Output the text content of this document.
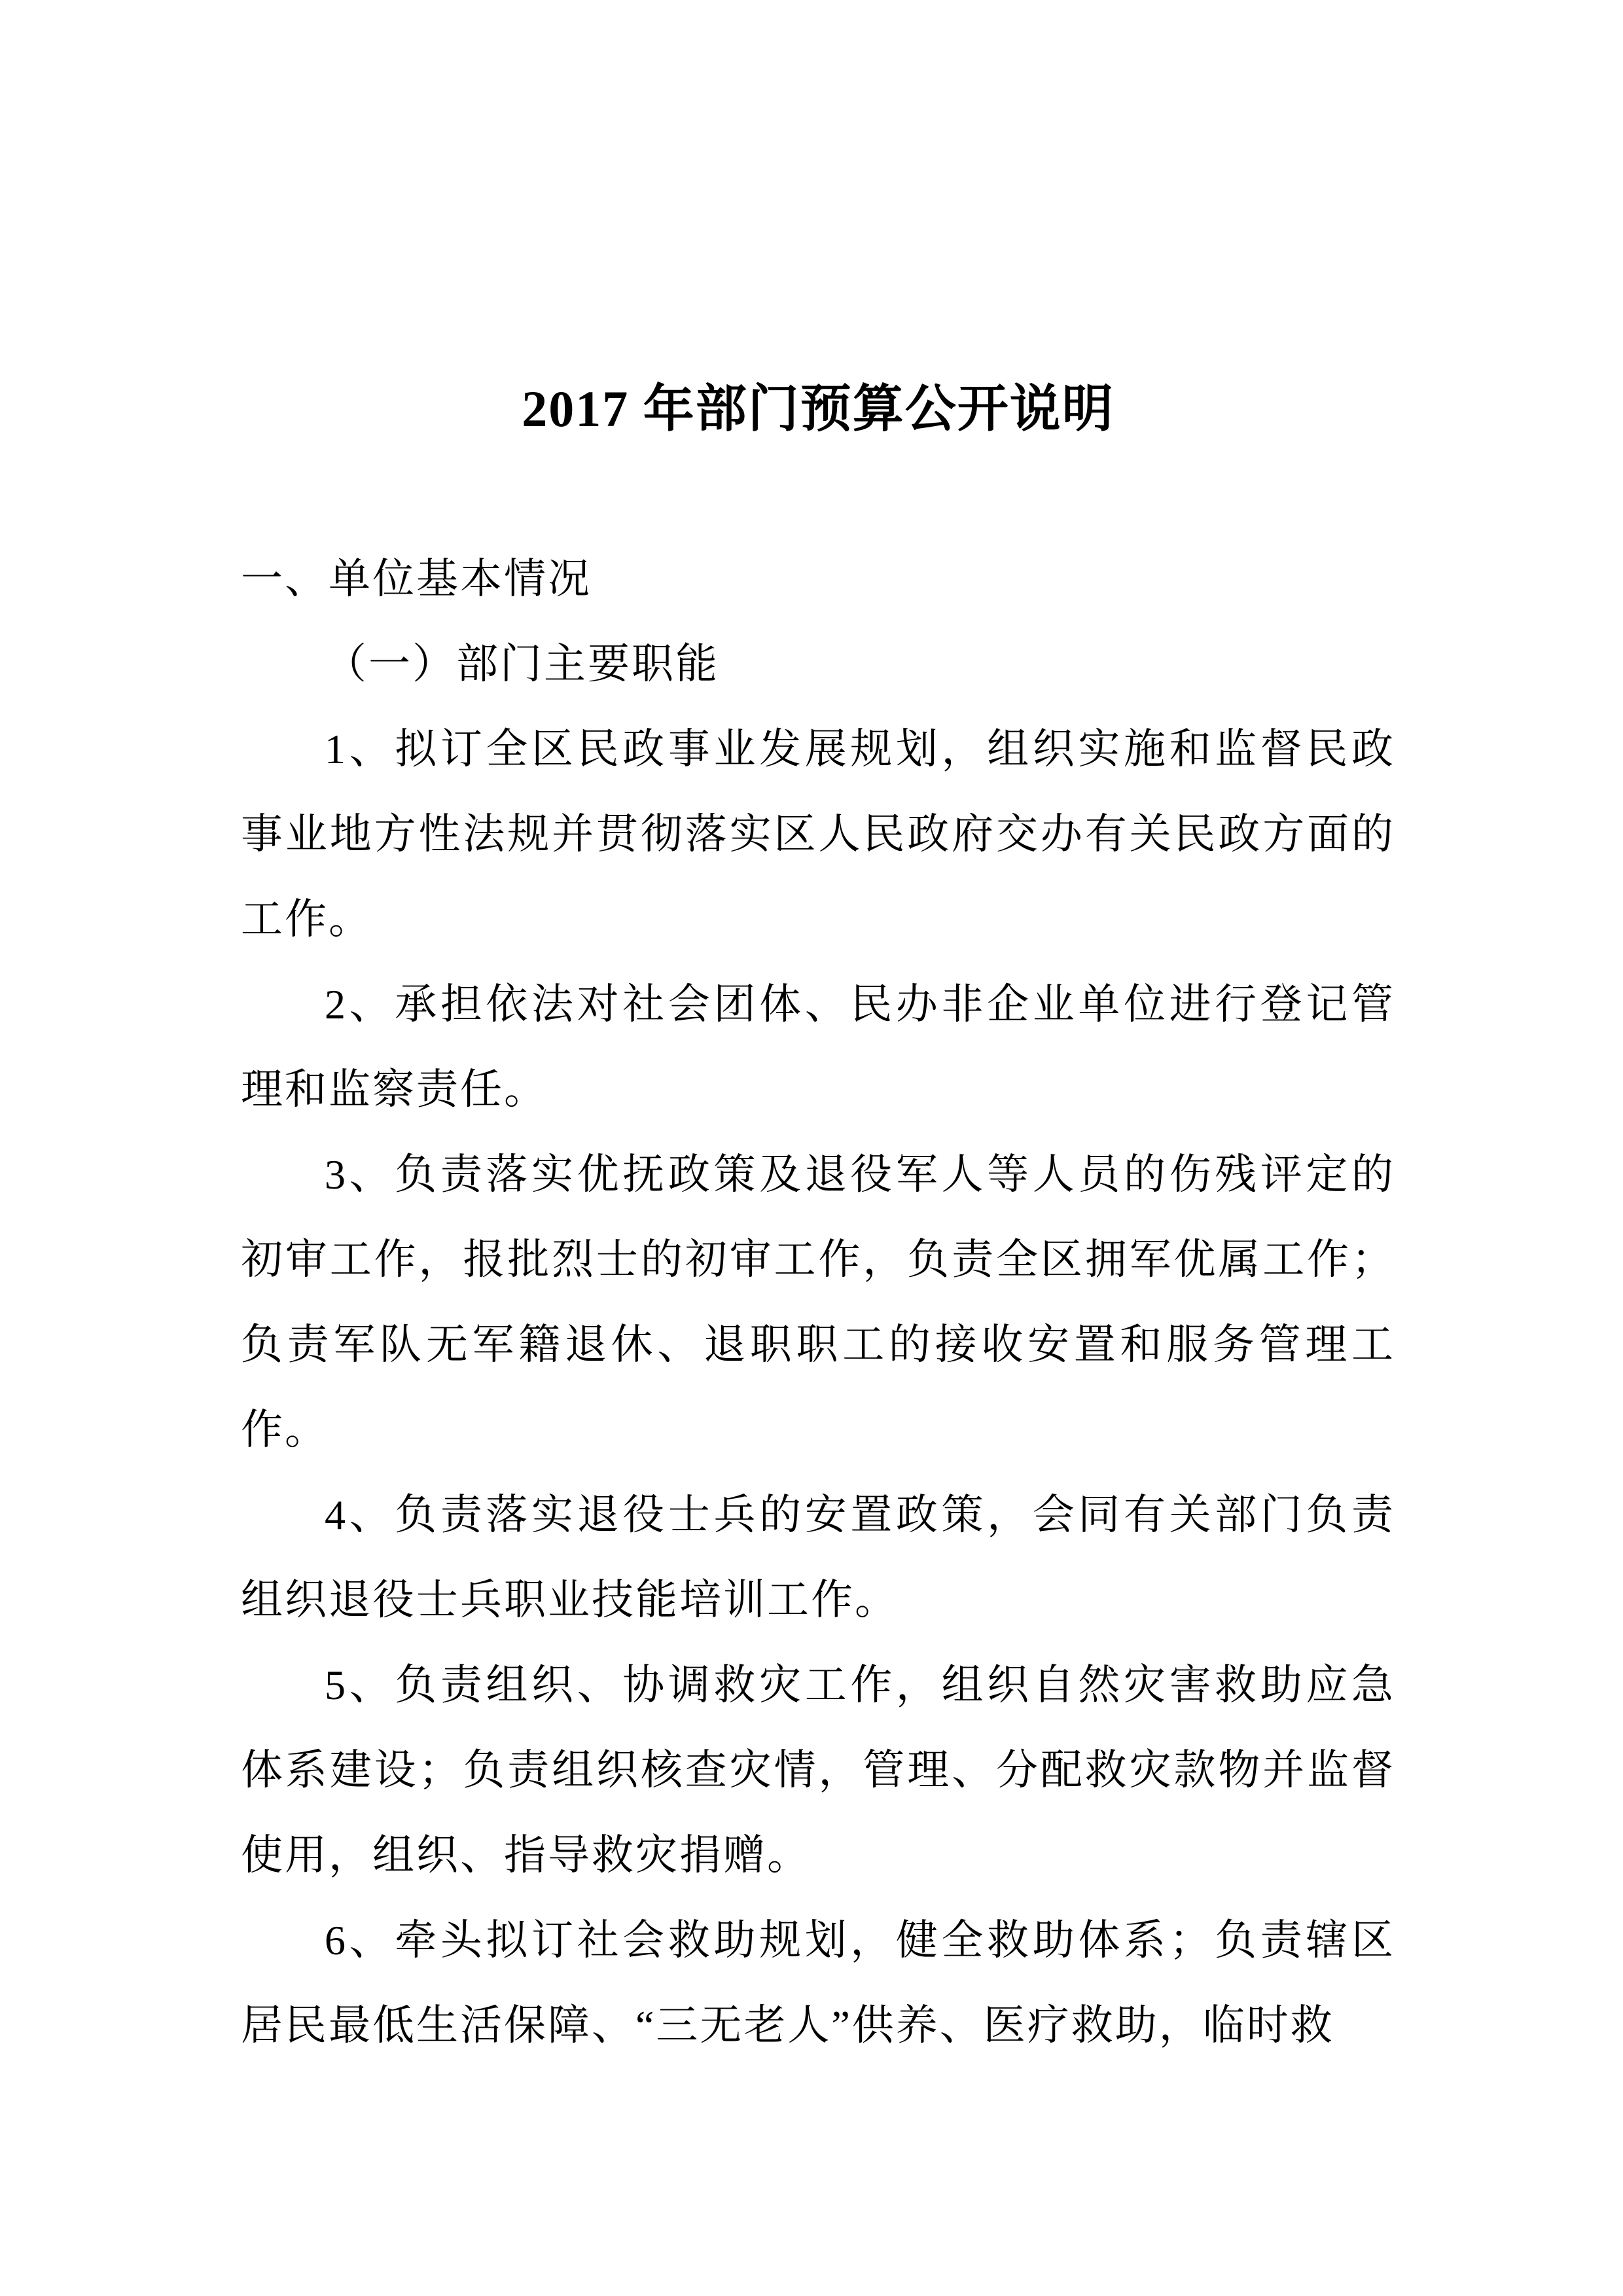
2017 年部门预算公开说明
一、单位基本情况
（一）部门主要职能

1、拟订全区民政事业发展规划，组织实施和监督民政事业地方性法规并贯彻落实区人民政府交办有关民政方面的工作。

2、承担依法对社会团体、民办非企业单位进行登记管理和监察责任。

3、负责落实优抚政策及退役军人等人员的伤残评定的初审工作，报批烈士的初审工作，负责全区拥军优属工作；负责军队无军籍退休、退职职工的接收安置和服务管理工作。

4、负责落实退役士兵的安置政策，会同有关部门负责组织退役士兵职业技能培训工作。

5、负责组织、协调救灾工作，组织自然灾害救助应急体系建设；负责组织核查灾情，管理、分配救灾款物并监督使用，组织、指导救灾捐赠。

6、牵头拟订社会救助规划，健全救助体系；负责辖区居民最低生活保障、“三无老人”供养、医疗救助，临时救
